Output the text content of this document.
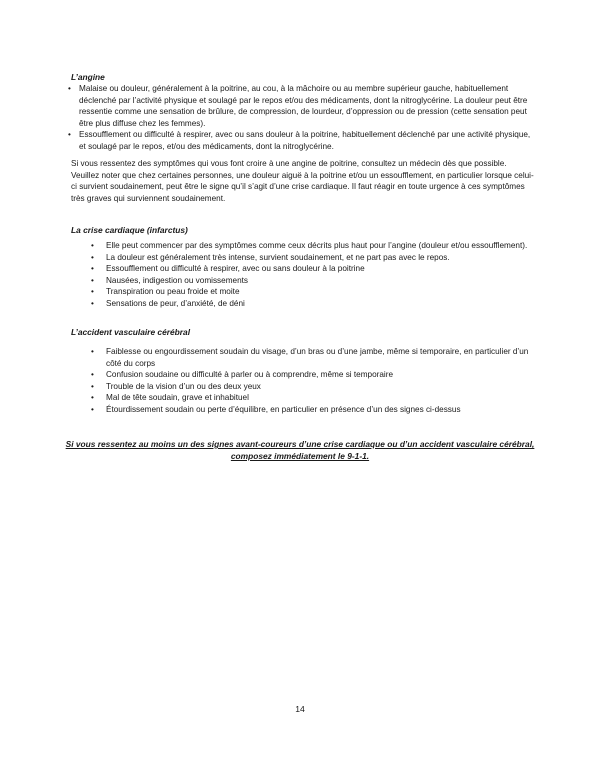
L’angine

• Malaise ou douleur, généralement à la poitrine, au cou, à la mâchoire ou au membre supérieur gauche, habituellement déclenché par l’activité physique et soulagé par le repos et/ou des médicaments, dont la nitroglycérine. La douleur peut être ressentie comme une sensation de brûlure, de compression, de lourdeur, d’oppression ou de pression (cette sensation peut être plus diffuse chez les femmes).
• Essoufflement ou difficulté à respirer, avec ou sans douleur à la poitrine, habituellement déclenché par une activité physique, et soulagé par le repos, et/ou des médicaments, dont la nitroglycérine.

Si vous ressentez des symptômes qui vous font croire à une angine de poitrine, consultez un médecin dès que possible. Veuillez noter que chez certaines personnes, une douleur aiguë à la poitrine et/ou un essoufflement, en particulier lorsque celui-ci survient soudainement, peut être le signe qu’il s’agit d’une crise cardiaque. Il faut réagir en toute urgence à ces symptômes très graves qui surviennent soudainement.

La crise cardiaque (infarctus)

• Elle peut commencer par des symptômes comme ceux décrits plus haut pour l’angine (douleur et/ou essoufflement).
• La douleur est généralement très intense, survient soudainement, et ne part pas avec le repos.
• Essoufflement ou difficulté à respirer, avec ou sans douleur à la poitrine
• Nausées, indigestion ou vomissements
• Transpiration ou peau froide et moite
• Sensations de peur, d’anxiété, de déni

L’accident vasculaire cérébral

• Faiblesse ou engourdissement soudain du visage, d’un bras ou d’une jambe, même si temporaire, en particulier d’un côté du corps
• Confusion soudaine ou difficulté à parler ou à comprendre, même si temporaire
• Trouble de la vision d’un ou des deux yeux
• Mal de tête soudain, grave et inhabituel
• Étourdissement soudain ou perte d’équilibre, en particulier en présence d’un des signes ci-dessus

Si vous ressentez au moins un des signes avant-coureurs d’une crise cardiaque ou d’un accident vasculaire cérébral, composez immédiatement le 9-1-1.

14
